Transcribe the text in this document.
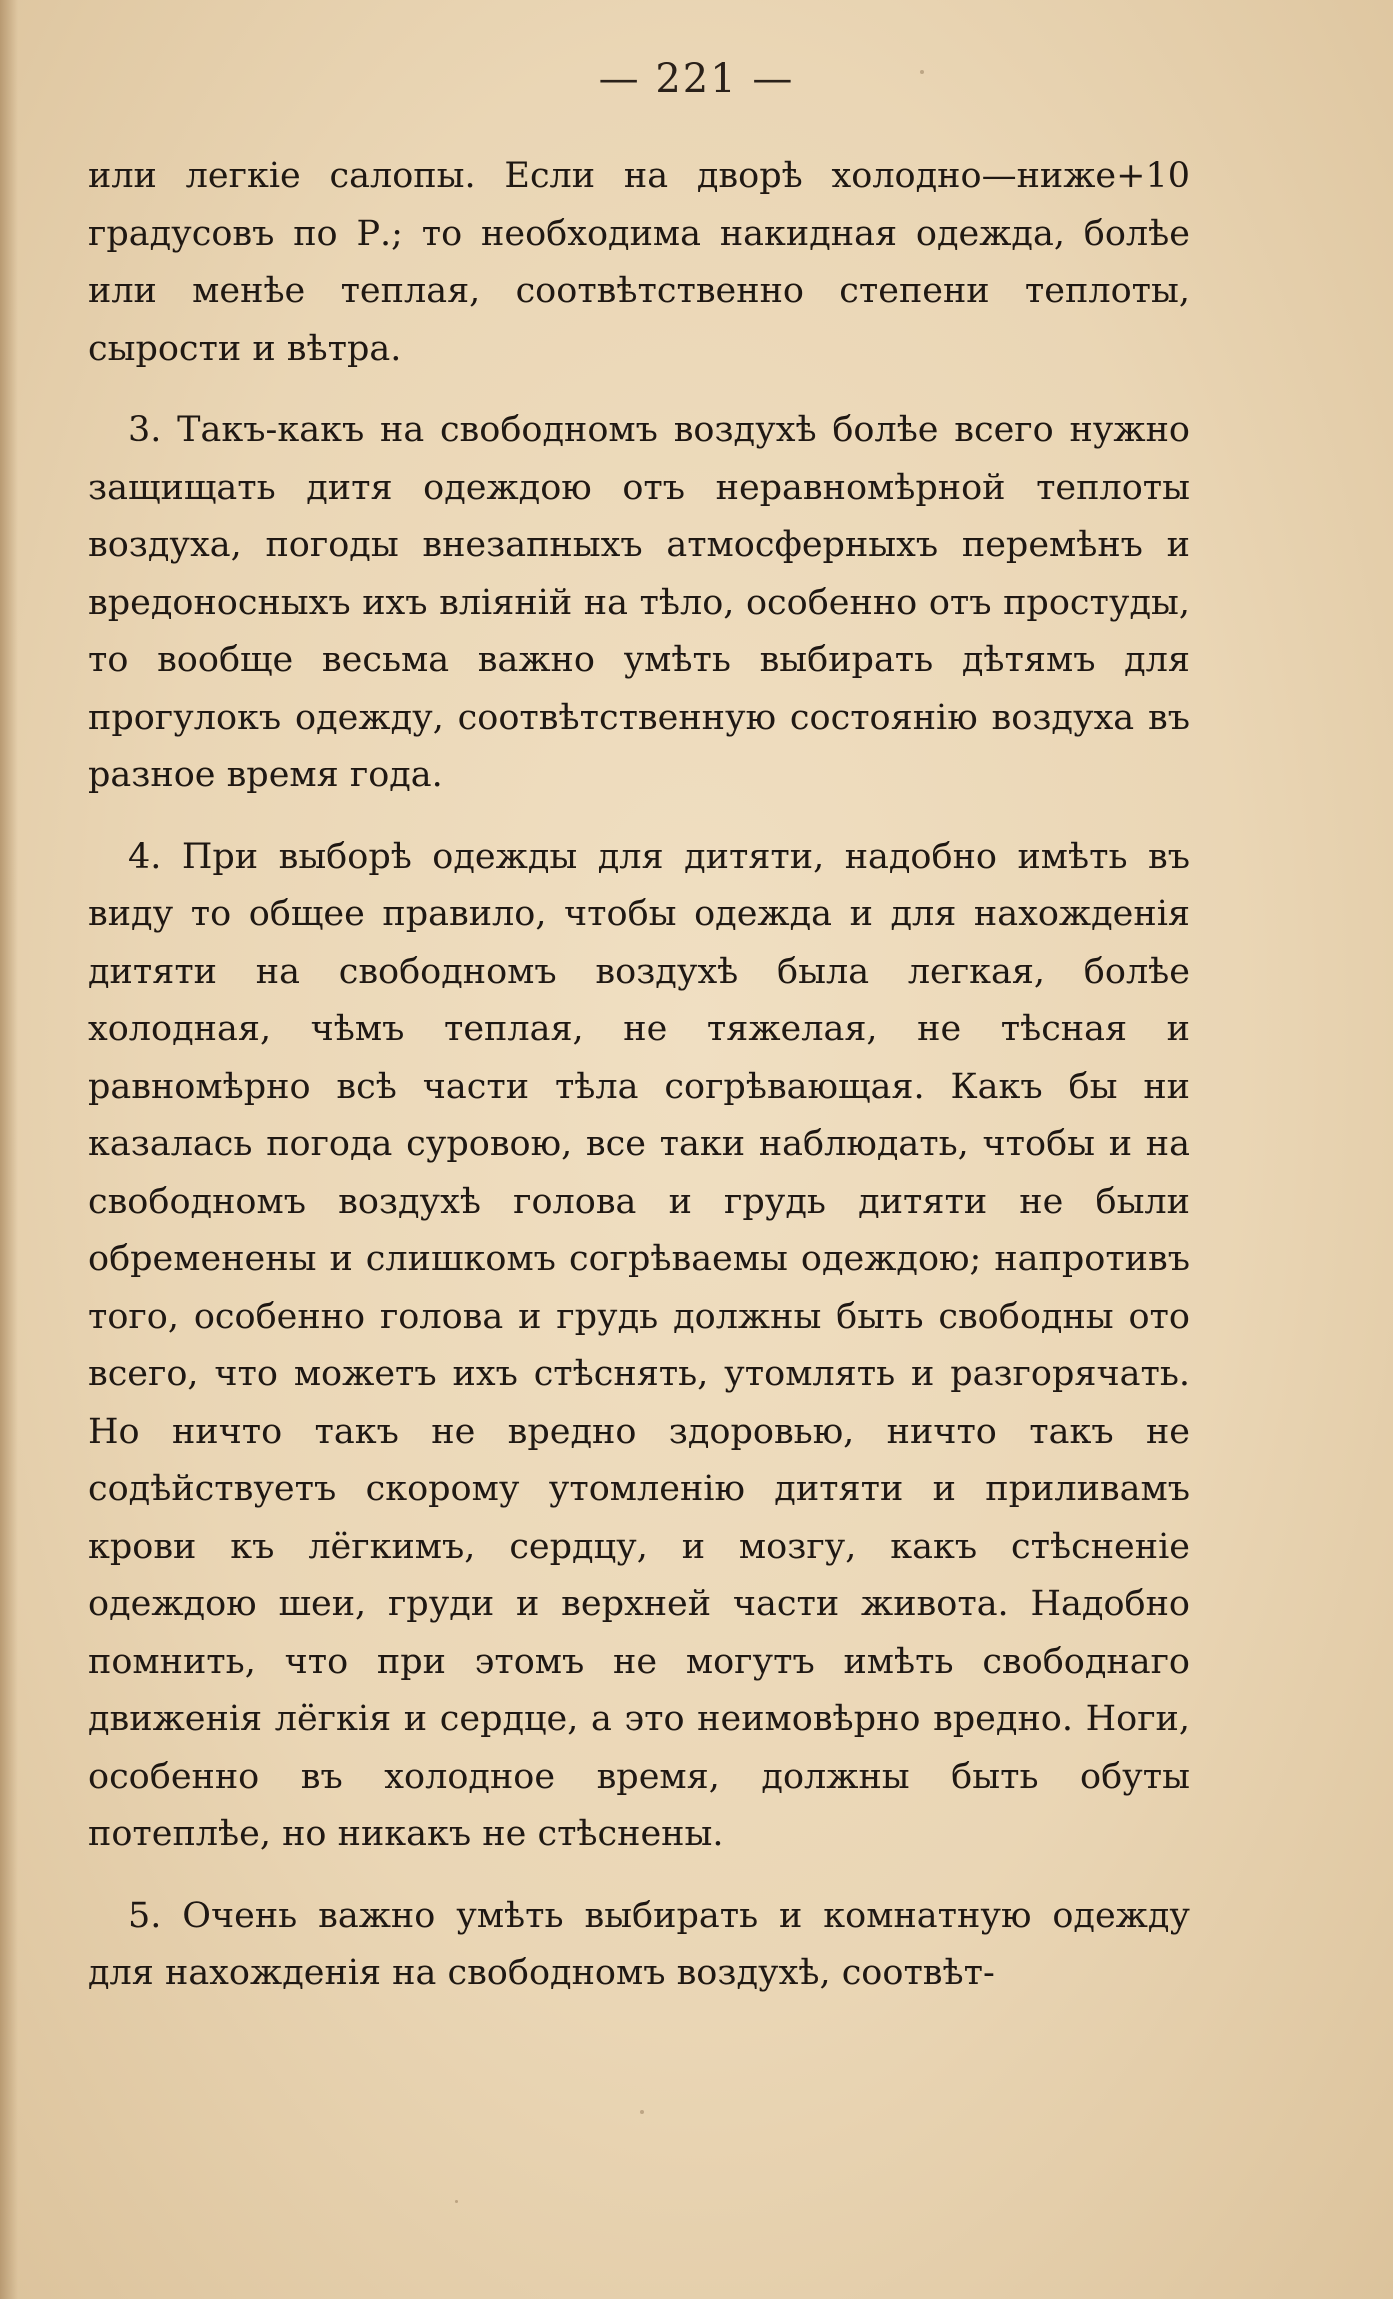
— 221 —

или легкіе салопы. Если на дворѣ холодно—ниже+10 градусовъ по Р.; то необходима накидная одежда, болѣе или менѣе теплая, соотвѣтственно степени теплоты, сырости и вѣтра.

3. Такъ-какъ на свободномъ воздухѣ болѣе всего нужно защищать дитя одеждою отъ неравномѣрной теплоты воздуха, погоды внезапныхъ атмосферныхъ перемѣнъ и вредоносныхъ ихъ вліяній на тѣло, особенно отъ простуды, то вообще весьма важно умѣть выбирать дѣтямъ для прогулокъ одежду, соотвѣтственную состоянію воздуха въ разное время года.

4. При выборѣ одежды для дитяти, надобно имѣть въ виду то общее правило, чтобы одежда и для нахожденія дитяти на свободномъ воздухѣ была легкая, болѣе холодная, чѣмъ теплая, не тяжелая, не тѣсная и равномѣрно всѣ части тѣла согрѣвающая. Какъ бы ни казалась погода суровою, все таки наблюдать, чтобы и на свободномъ воздухѣ голова и грудь дитяти не были обременены и слишкомъ согрѣваемы одеждою; напротивъ того, особенно голова и грудь должны быть свободны ото всего, что можетъ ихъ стѣснять, утомлять и разгорячать. Но ничто такъ не вредно здоровью, ничто такъ не содѣйствуетъ скорому утомленію дитяти и приливамъ крови къ лёгкимъ, сердцу, и мозгу, какъ стѣсненіе одеждою шеи, груди и верхней части живота. Надобно помнить, что при этомъ не могутъ имѣть свободнаго движенія лёгкія и сердце, а это неимовѣрно вредно. Ноги, особенно въ холодное время, должны быть обуты потеплѣе, но никакъ не стѣснены.

5. Очень важно умѣть выбирать и комнатную одежду для нахожденія на свободномъ воздухѣ, соотвѣт-
